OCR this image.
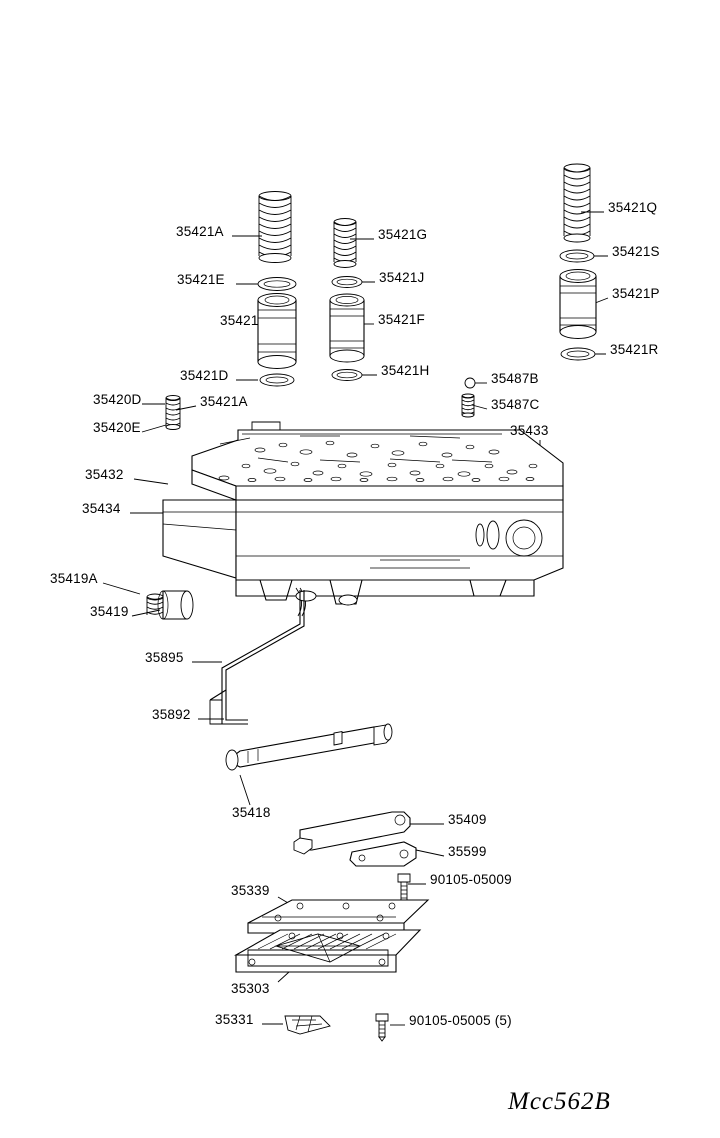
35421A	35421G
35421Q
35421S
35421E	35421J
35421P
35421	35421F
35421R
35421D	35421H
35487B
35420D	35421A	35487C
35420E	35433
35432
35434
35419A
35419
35895
35892
35418	35409
35599
35339
90105-05009
35303
35331	90105-05005 (5)
Mcc562B
